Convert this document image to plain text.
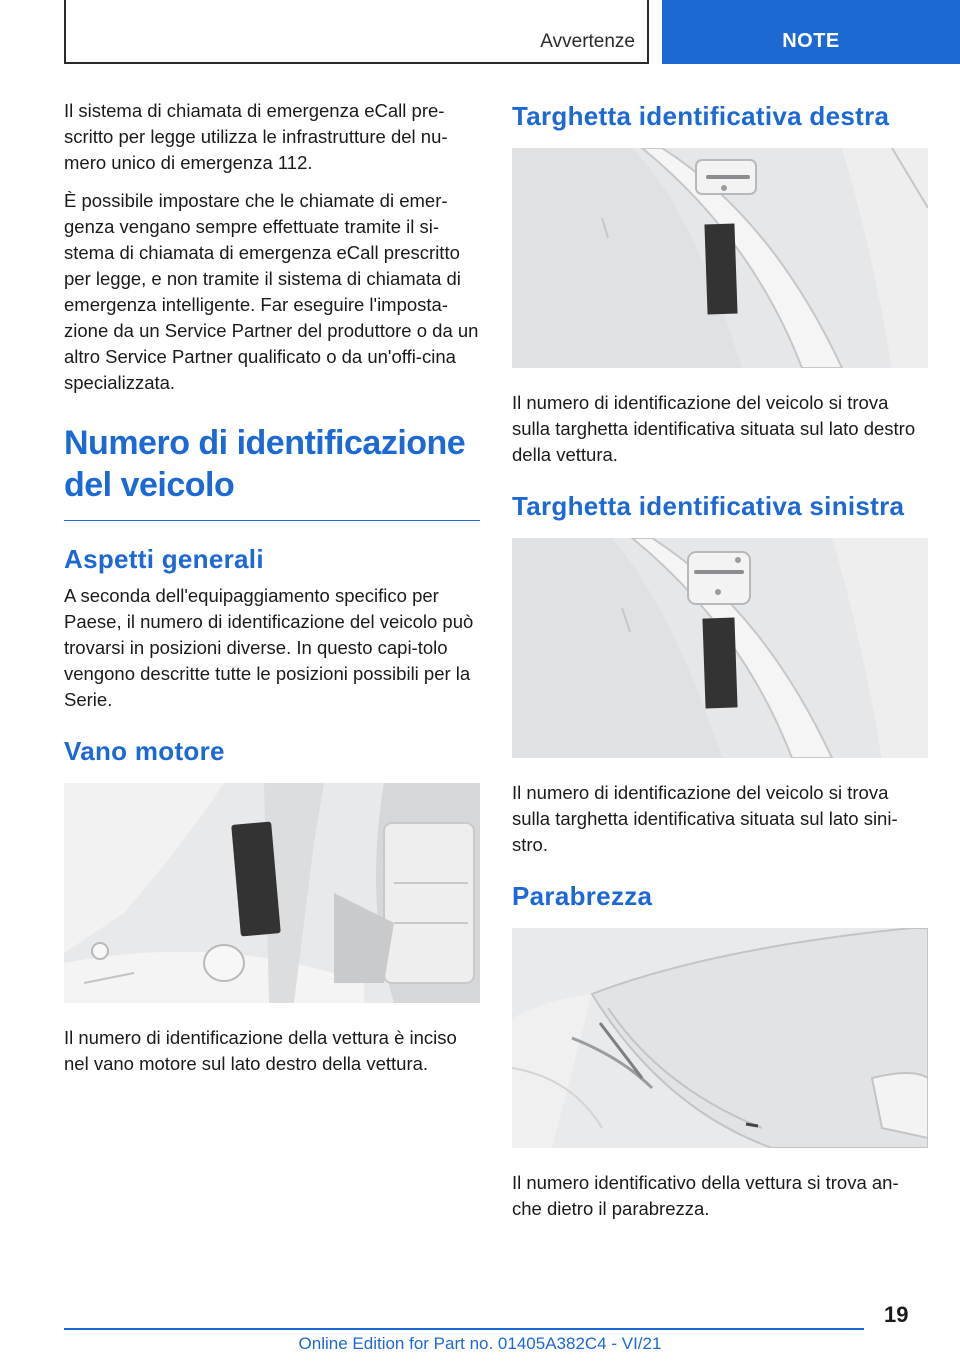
Avvertenze	NOTE

Il sistema di chiamata di emergenza eCall pre-scritto per legge utilizza le infrastrutture del nu-mero unico di emergenza 112.

È possibile impostare che le chiamate di emer-genza vengano sempre effettuate tramite il si-stema di chiamata di emergenza eCall prescritto per legge, e non tramite il sistema di chiamata di emergenza intelligente. Far eseguire l'imposta-zione da un Service Partner del produttore o da un altro Service Partner qualificato o da un'offi-cina specializzata.

Numero di identificazione del veicolo
Aspetti generali

A seconda dell'equipaggiamento specifico per Paese, il numero di identificazione del veicolo può trovarsi in posizioni diverse. In questo capi-tolo vengono descritte tutte le posizioni possibili per la Serie.

Vano motore

Il numero di identificazione della vettura è inciso nel vano motore sul lato destro della vettura.

Targhetta identificativa destra

Il numero di identificazione del veicolo si trova sulla targhetta identificativa situata sul lato destro della vettura.

Targhetta identificativa sinistra

Il numero di identificazione del veicolo si trova sulla targhetta identificativa situata sul lato sini-stro.

Parabrezza

Il numero identificativo della vettura si trova an-che dietro il parabrezza.

19
Online Edition for Part no. 01405A382C4 - VI/21
